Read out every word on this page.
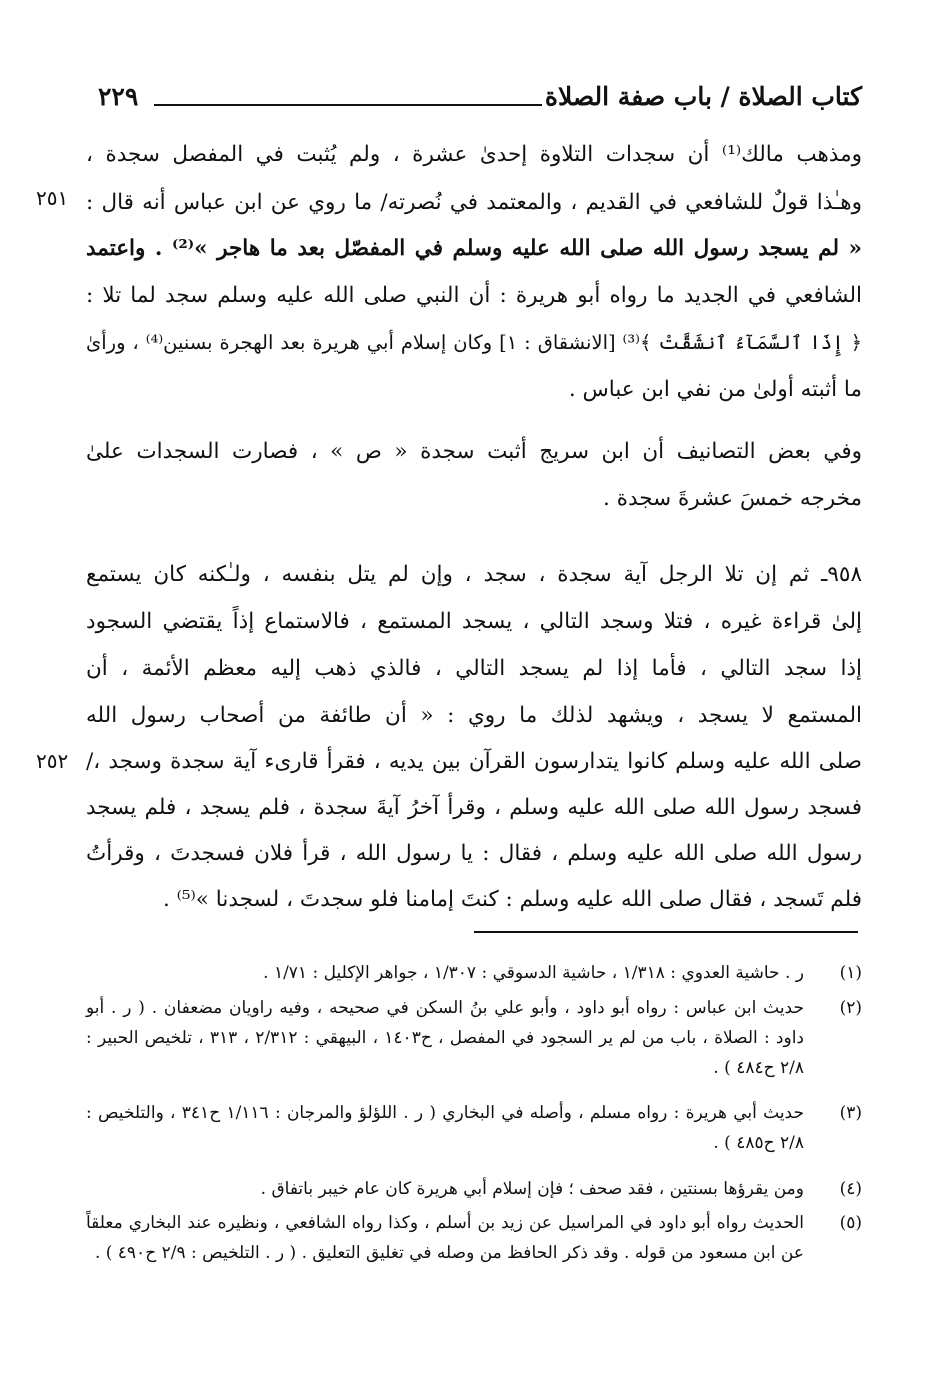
كتاب الصلاة / باب صفة الصلاة
٢٢٩
٢٥١
٢٥٢
ومذهب مالك⁽¹⁾ أن سجدات التلاوة إحدىٰ عشرة ، ولم يُثبت في المفصل سجدة ،
وهـٰذا قولٌ للشافعي في القديم ، والمعتمد في نُصرته/ ما روي عن ابن عباس أنه قال :
« لم يسجد رسول الله صلى الله عليه وسلم في المفصّل بعد ما هاجر »⁽²⁾ . واعتمد
الشافعي في الجديد ما رواه أبو هريرة : أن النبي صلى الله عليه وسلم سجد لما تلا :
﴿ إِذَا ٱلسَّمَآءُ ٱنشَقَّتْ ﴾⁽³⁾ [الانشقاق : ١] وكان إسلام أبي هريرة بعد الهجرة بسنين⁽⁴⁾ ، ورأىٰ
ما أثبته أولىٰ من نفي ابن عباس .
وفي بعض التصانيف أن ابن سريج أثبت سجدة « ص » ، فصارت السجدات علىٰ
مخرجه خمسَ عشرةَ سجدة .
٩٥٨ـ ثم إن تلا الرجل آية سجدة ، سجد ، وإن لم يتل بنفسه ، ولـٰكنه كان يستمع
إلىٰ قراءة غيره ، فتلا وسجد التالي ، يسجد المستمع ، فالاستماع إذاً يقتضي السجود
إذا سجد التالي ، فأما إذا لم يسجد التالي ، فالذي ذهب إليه معظم الأئمة ، أن
المستمع لا يسجد ، ويشهد لذلك ما روي : « أن طائفة من أصحاب رسول الله
صلى الله عليه وسلم كانوا يتدارسون القرآن بين يديه ، فقرأ قارىء آية سجدة وسجد ،/
فسجد رسول الله صلى الله عليه وسلم ، وقرأ آخرُ آيةَ سجدة ، فلم يسجد ، فلم يسجد
رسول الله صلى الله عليه وسلم ، فقال : يا رسول الله ، قرأ فلان فسجدتَ ، وقرأتُ
فلم تَسجد ، فقال صلى الله عليه وسلم : كنتَ إمامنا فلو سجدتَ ، لسجدنا »⁽⁵⁾ .
(١)
ر . حاشية العدوي : ١/٣١٨ ، حاشية الدسوقي : ١/٣٠٧ ، جواهر الإكليل : ١/٧١ .
(٢)
حديث ابن عباس : رواه أبو داود ، وأبو علي بنُ السكن في صحيحه ، وفيه راويان مضعفان . ( ر . أبو داود : الصلاة ، باب من لم ير السجود في المفصل ، ح١٤٠٣ ، البيهقي : ٢/٣١٢ ، ٣١٣ ، تلخيص الحبير : ٢/٨ ح٤٨٤ ) .
(٣)
حديث أبي هريرة : رواه مسلم ، وأصله في البخاري ( ر . اللؤلؤ والمرجان : ١/١١٦ ح٣٤١ ، والتلخيص : ٢/٨ ح٤٨٥ ) .
(٤)
ومن يقرؤها بسنتين ، فقد صحف ؛ فإن إسلام أبي هريرة كان عام خيبر باتفاق .
(٥)
الحديث رواه أبو داود في المراسيل عن زيد بن أسلم ، وكذا رواه الشافعي ، ونظيره عند البخاري معلقاً عن ابن مسعود من قوله . وقد ذكر الحافظ من وصله في تغليق التعليق . ( ر . التلخيص : ٢/٩ ح٤٩٠ ) .
